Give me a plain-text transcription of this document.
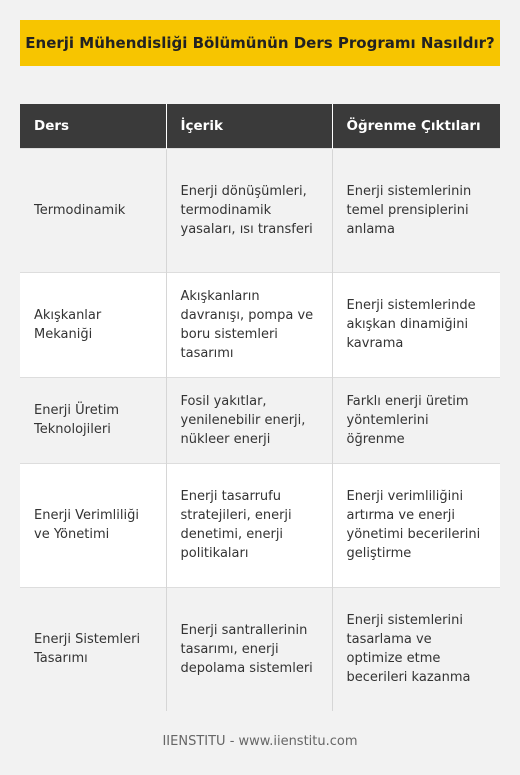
Enerji Mühendisliği Bölümünün Ders Programı Nasıldır?
Ders	İçerik	Öğrenme Çıktıları
Termodinamik	Enerji dönüşümleri, termodinamik yasaları, ısı transferi	Enerji sistemlerinin temel prensiplerini anlama
Akışkanlar Mekaniği	Akışkanların davranışı, pompa ve boru sistemleri tasarımı	Enerji sistemlerinde akışkan dinamiğini kavrama
Enerji Üretim Teknolojileri	Fosil yakıtlar, yenilenebilir enerji, nükleer enerji	Farklı enerji üretim yöntemlerini öğrenme
Enerji Verimliliği ve Yönetimi	Enerji tasarrufu stratejileri, enerji denetimi, enerji politikaları	Enerji verimliliğini artırma ve enerji yönetimi becerilerini geliştirme
Enerji Sistemleri Tasarımı	Enerji santrallerinin tasarımı, enerji depolama sistemleri	Enerji sistemlerini tasarlama ve optimize etme becerileri kazanma
IIENSTITU - www.iienstitu.com
